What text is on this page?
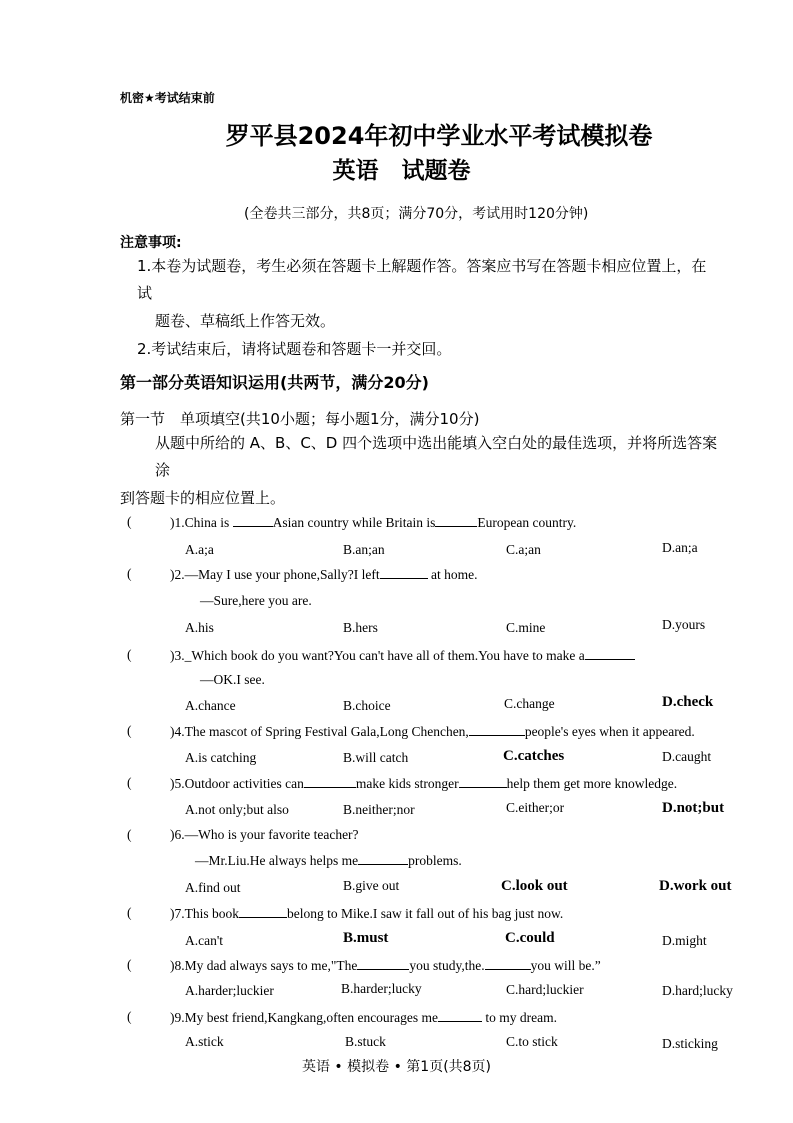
机密★考试结束前
罗平县2024年初中学业水平考试模拟卷
英语　试题卷
(全卷共三部分，共8页；满分70分，考试用时120分钟)
注意事项:
1.本卷为试题卷，考生必须在答题卡上解题作答。答案应书写在答题卡相应位置上，在
试
题卷、草稿纸上作答无效。
2.考试结束后，请将试题卷和答题卡一并交回。
第一部分英语知识运用(共两节，满分20分)
第一节　单项填空(共10小题；每小题1分，满分10分)
从题中所给的 A、B、C、D 四个选项中选出能填入空白处的最佳选项，并将所选答案
涂
到答题卡的相应位置上。
(	)1.China is	Asian country while Britain is	European country.
A.a;a	B.an;an	C.a;an	D.an;a
(	)2.—May I use your phone,Sally?I left	at home.
—Sure,here you are.
A.his	B.hers	C.mine	D.yours
(	)3._Which book do you want?You can't have all of them.You have to make a
—OK.I see.
A.chance	B.choice	C.change	D.check
(	)4.The mascot of Spring Festival Gala,Long Chenchen,	people's eyes when it appeared.
A.is catching	B.will catch	C.catches	D.caught
(	)5.Outdoor activities can	make kids stronger	help them get more knowledge.
A.not only;but also	B.neither;nor	C.either;or	D.not;but
(	)6.—Who is your favorite teacher?
—Mr.Liu.He always helps me	problems.
A.find out	B.give out	C.look out	D.work out
(	)7.This book	belong to Mike.I saw it fall out of his bag just now.
A.can't	B.must	C.could	D.might
(	)8.My dad always says to me,"The	you study,the.	you will be.”
A.harder;luckier	B.harder;lucky	C.hard;luckier	D.hard;lucky
(	)9.My best friend,Kangkang,often encourages me	to my dream.
A.stick	B.stuck	C.to stick	D.sticking
英语 • 模拟卷 • 第1页(共8页)
